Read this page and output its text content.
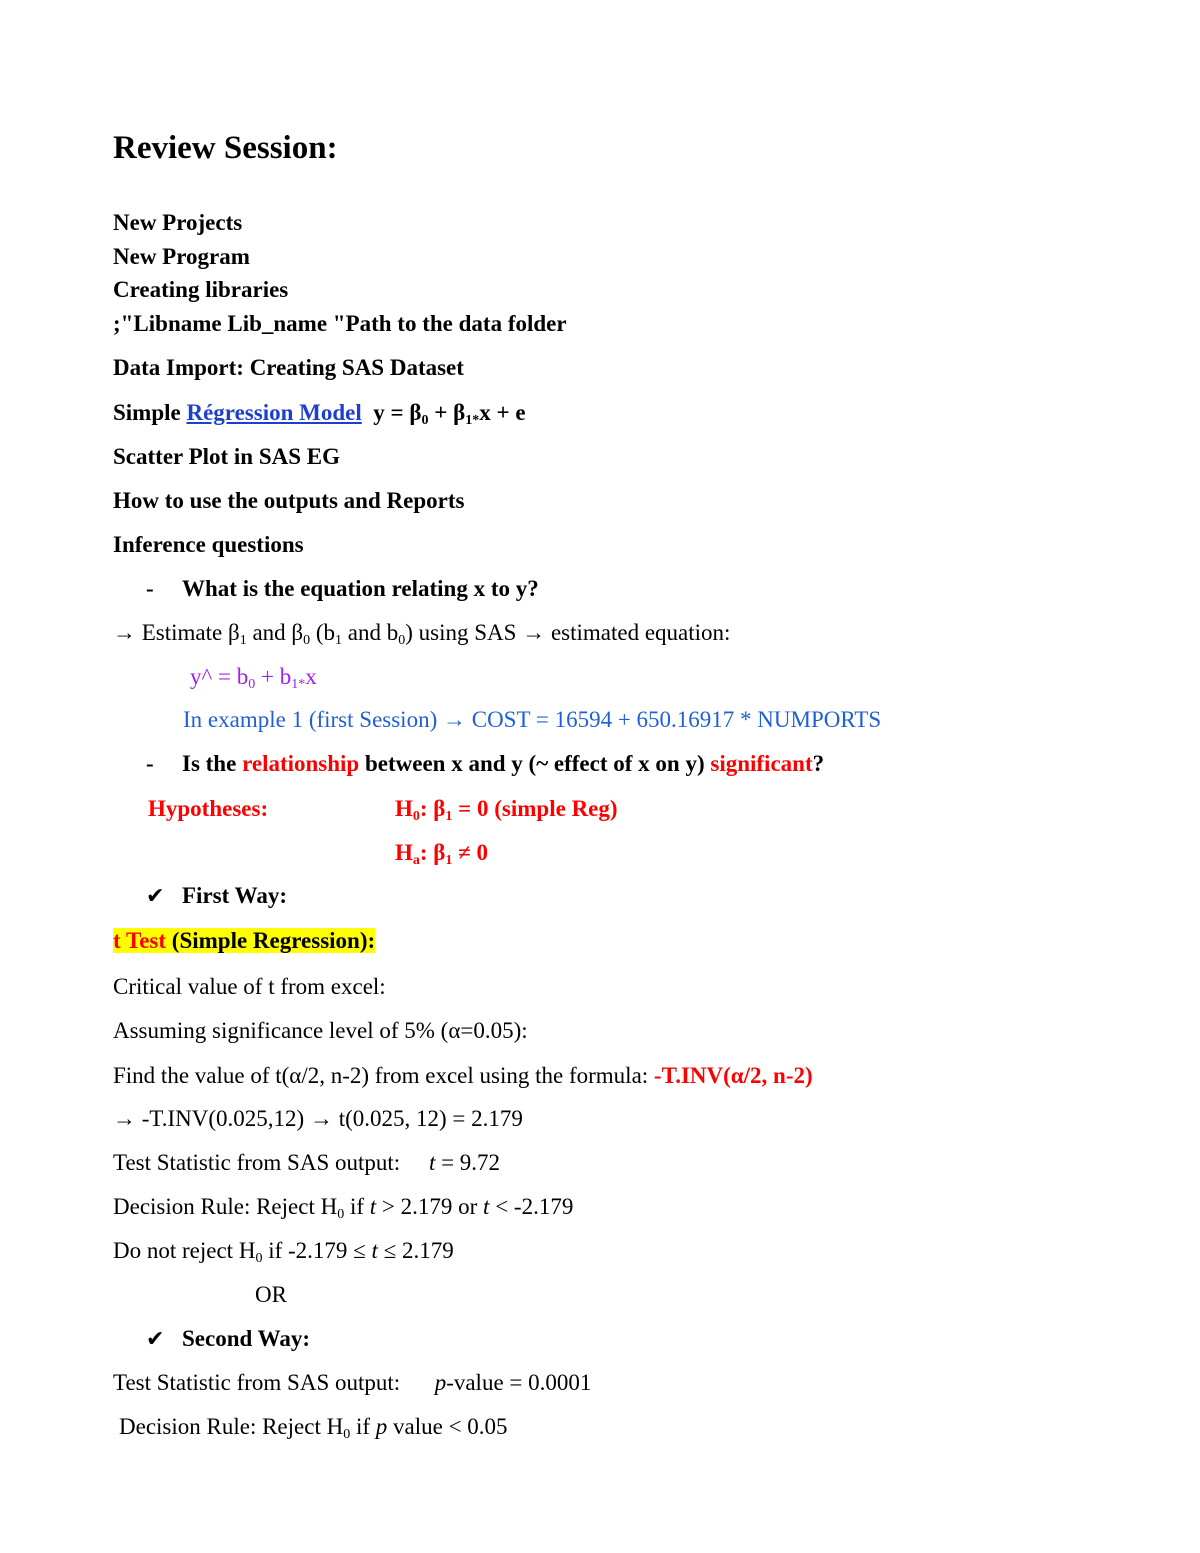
Review Session:
New Projects
New Program
Creating libraries
;"Libname Lib_name "Path to the data folder
Data Import: Creating SAS Dataset
Simple Régression Model $y = \beta_0 + \beta_{1*}x + e$
Scatter Plot in SAS EG
How to use the outputs and Reports
Inference questions
- What is the equation relating x to y?
→ Estimate $\beta_1$ and $\beta_0$ ($b_1$ and $b_0$) using SAS → estimated equation:
y^ = $b_0 + b_{1*}x$
In example 1 (first Session) → COST = 16594 + 650.16917 * NUMPORTS
- Is the relationship between x and y (~ effect of x on y) significant?
Hypotheses:	$H_0$: $\beta_1 = 0$ (simple Reg)
$H_a$: $\beta_1 \ne 0$
✔ First Way:
t Test (Simple Regression):
Critical value of t from excel:
Assuming significance level of 5% (α=0.05):
Find the value of t(α/2, n-2) from excel using the formula: -T.INV(α/2, n-2)
→ -T.INV(0.025,12) → t(0.025, 12) = 2.179
Test Statistic from SAS output: t = 9.72
Decision Rule: Reject $H_0$ if t > 2.179 or t < -2.179
Do not reject $H_0$ if -2.179 ≤ t ≤ 2.179
OR
✔ Second Way:
Test Statistic from SAS output: p-value = 0.0001
Decision Rule: Reject $H_0$ if p value < 0.05
